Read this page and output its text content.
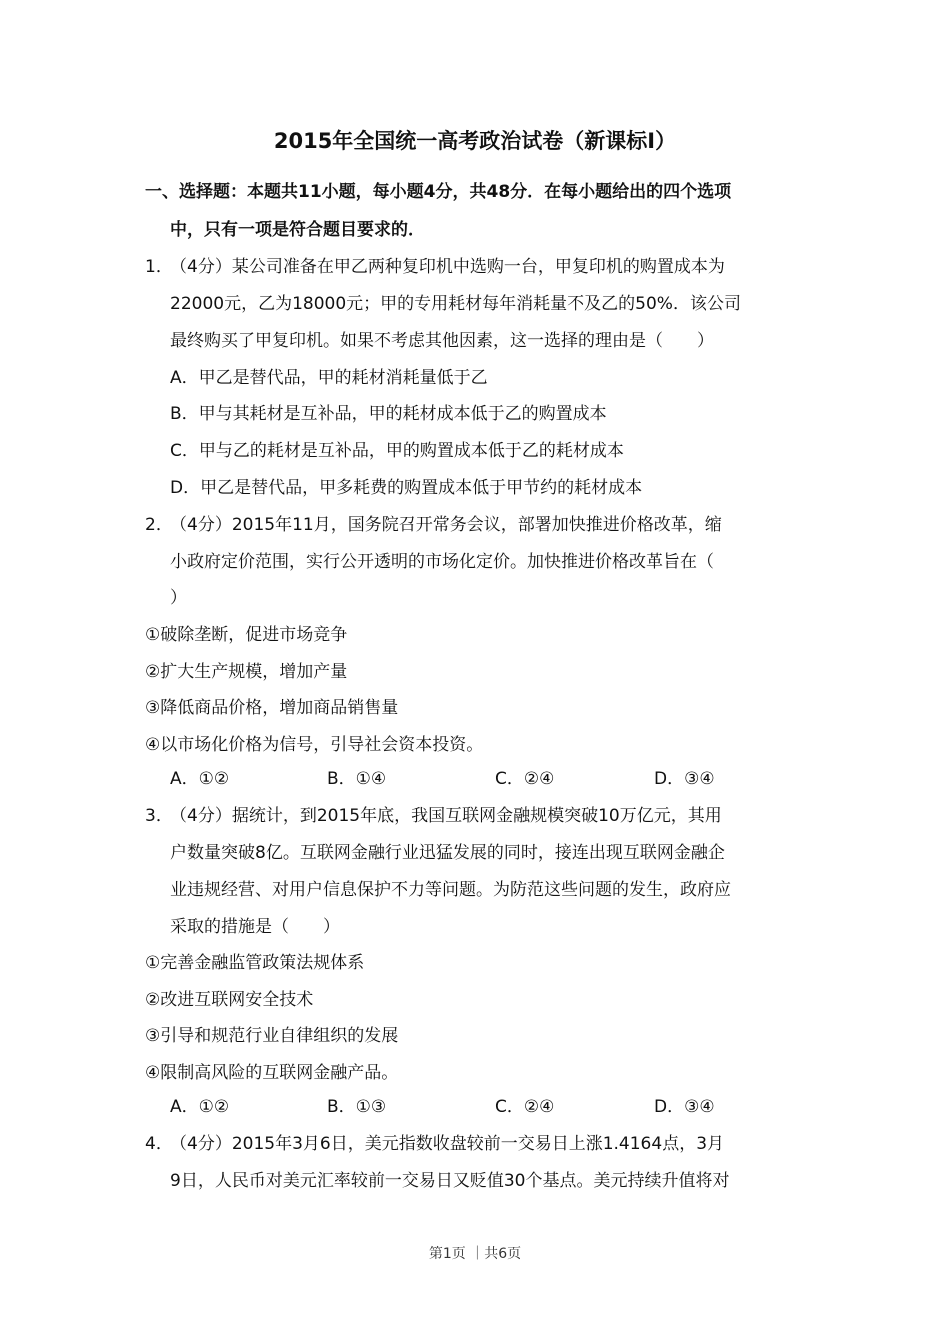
2015年全国统一高考政治试卷（新课标Ⅰ）
一、选择题：本题共11小题，每小题4分，共48分．在每小题给出的四个选项
中，只有一项是符合题目要求的．
1．
（4分）某公司准备在甲乙两种复印机中选购一台，甲复印机的购置成本为
22000元，乙为18000元；甲的专用耗材每年消耗量不及乙的50%．该公司
最终购买了甲复印机。如果不考虑其他因素，这一选择的理由是（　　）
A．甲乙是替代品，甲的耗材消耗量低于乙
B．甲与其耗材是互补品，甲的耗材成本低于乙的购置成本
C．甲与乙的耗材是互补品，甲的购置成本低于乙的耗材成本
D．甲乙是替代品，甲多耗费的购置成本低于甲节约的耗材成本
2．
（4分）2015年11月，国务院召开常务会议，部署加快推进价格改革，缩
小政府定价范围，实行公开透明的市场化定价。加快推进价格改革旨在（
）
①破除垄断，促进市场竞争
②扩大生产规模，增加产量
③降低商品价格，增加商品销售量
④以市场化价格为信号，引导社会资本投资。
A．①②	B．①④	C．②④	D．③④
3．
（4分）据统计，到2015年底，我国互联网金融规模突破10万亿元，其用
户数量突破8亿。互联网金融行业迅猛发展的同时，接连出现互联网金融企
业违规经营、对用户信息保护不力等问题。为防范这些问题的发生，政府应
采取的措施是（　　）
①完善金融监管政策法规体系
②改进互联网安全技术
③引导和规范行业自律组织的发展
④限制高风险的互联网金融产品。
A．①②	B．①③	C．②④	D．③④
4．
（4分）2015年3月6日，美元指数收盘较前一交易日上涨1.4164点，3月
9日，人民币对美元汇率较前一交易日又贬值30个基点。美元持续升值将对
第1页 ｜共6页
